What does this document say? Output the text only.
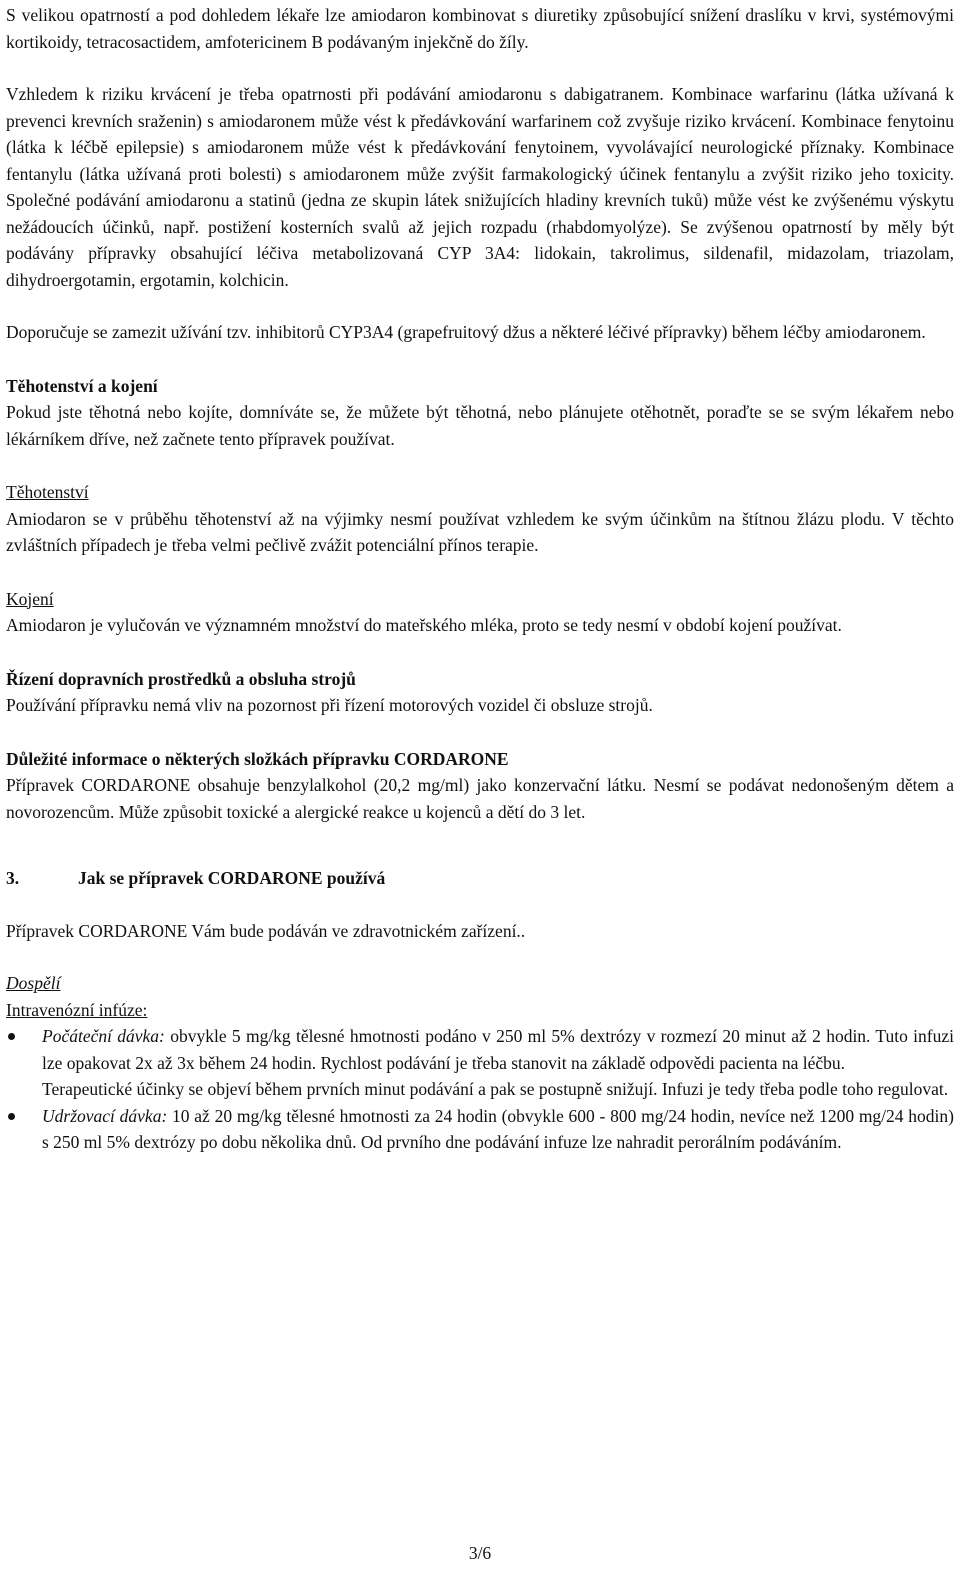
S velikou opatrností a pod dohledem lékaře lze amiodaron kombinovat s diuretiky způsobující snížení draslíku v krvi, systémovými kortikoidy, tetracosactidem, amfotericinem B podávaným injekčně do žíly.

Vzhledem k riziku krvácení je třeba opatrnosti při podávání amiodaronu s dabigatranem. Kombinace warfarinu (látka užívaná k prevenci krevních sraženin) s amiodaronem může vést k předávkování warfarinem což zvyšuje riziko krvácení. Kombinace fenytoinu (látka k léčbě epilepsie) s amiodaronem může vést k předávkování fenytoinem, vyvolávající neurologické příznaky. Kombinace fentanylu (látka užívaná proti bolesti) s amiodaronem může zvýšit farmakologický účinek fentanylu a zvýšit riziko jeho toxicity. Společné podávání amiodaronu a statinů (jedna ze skupin látek snižujících hladiny krevních tuků) může vést ke zvýšenému výskytu nežádoucích účinků, např. postižení kosterních svalů až jejich rozpadu (rhabdomyolýze). Se zvýšenou opatrností by měly být podávány přípravky obsahující léčiva metabolizovaná CYP 3A4: lidokain, takrolimus, sildenafil, midazolam, triazolam, dihydroergotamin, ergotamin, kolchicin.

Doporučuje se zamezit užívání tzv. inhibitorů CYP3A4 (grapefruitový džus a některé léčivé přípravky) během léčby amiodaronem.

Těhotenství a kojení

Pokud jste těhotná nebo kojíte, domníváte se, že můžete být těhotná, nebo plánujete otěhotnět, poraďte se se svým lékařem nebo lékárníkem dříve, než začnete tento přípravek používat.

Těhotenství

Amiodaron se v průběhu těhotenství až na výjimky nesmí používat vzhledem ke svým účinkům na štítnou žlázu plodu. V těchto zvláštních případech je třeba velmi pečlivě zvážit potenciální přínos terapie.

Kojení

Amiodaron je vylučován ve významném množství do mateřského mléka, proto se tedy nesmí v období kojení používat.

Řízení dopravních prostředků a obsluha strojů

Používání přípravku nemá vliv na pozornost při řízení motorových vozidel či obsluze strojů.

Důležité informace o některých složkách přípravku CORDARONE

Přípravek CORDARONE obsahuje benzylalkohol (20,2 mg/ml) jako konzervační látku. Nesmí se podávat nedonošeným dětem a novorozencům. Může způsobit toxické a alergické reakce u kojenců a dětí do 3 let.

3.	Jak se přípravek CORDARONE používá

Přípravek CORDARONE Vám bude podáván ve zdravotnickém zařízení..

Dospělí

Intravenózní infúze:

Počáteční dávka: obvykle 5 mg/kg tělesné hmotnosti podáno v 250 ml 5% dextrózy v rozmezí 20 minut až 2 hodin. Tuto infuzi lze opakovat 2x až 3x během 24 hodin. Rychlost podávání je třeba stanovit na základě odpovědi pacienta na léčbu.
Terapeutické účinky se objeví během prvních minut podávání a pak se postupně snižují. Infuzi je tedy třeba podle toho regulovat.
Udržovací dávka: 10 až 20 mg/kg tělesné hmotnosti za 24 hodin (obvykle 600 - 800 mg/24 hodin, nevíce než 1200 mg/24 hodin) s 250 ml 5% dextrózy po dobu několika dnů. Od prvního dne podávání infuze lze nahradit perorálním podáváním.
3/6
